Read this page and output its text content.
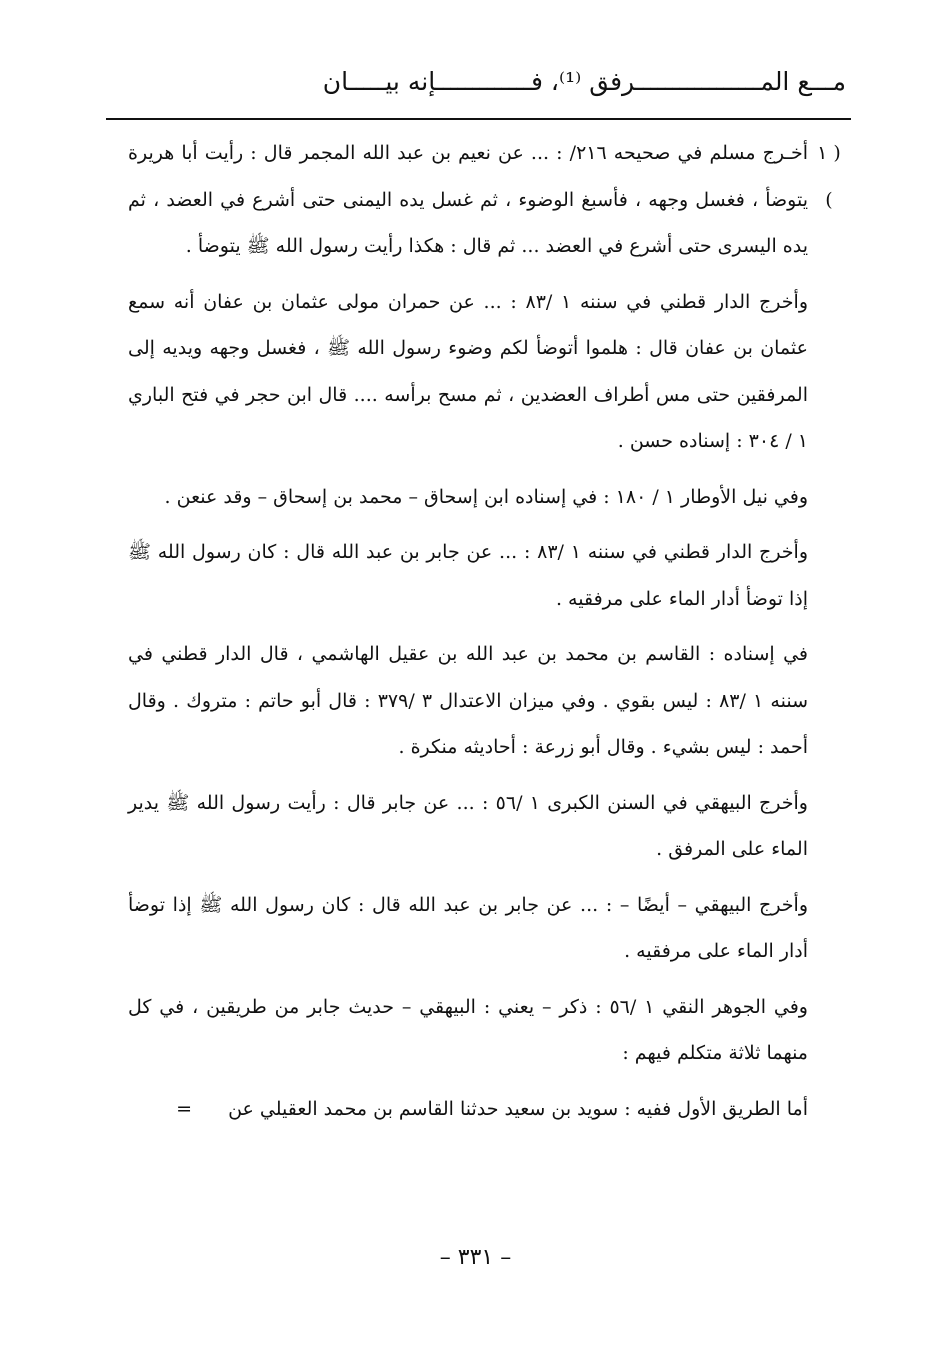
مـــع المـــــــــــــــــرفق ⁽¹⁾، فـــــــــــــإنه بيـــــان
( ١ )

أخـرج مسلم في صحيحه ٢١٦/ : ... عن نعيم بن عبد الله المجمر قال : رأيت أبا هريرة يتوضأ ، فغسل وجهه ، فأسبغ الوضوء ، ثم غسل يده اليمنى حتى أشرع في العضد ، ثم يده اليسرى حتى أشرع في العضد ... ثم قال : هكذا رأيت رسول الله ﷺ يتوضأ .

وأخرج الدار قطني في سننه ١ /٨٣ : ... عن حمران مولى عثمان بن عفان أنه سمع عثمان بن عفان قال : هلموا أتوضأ لكم وضوء رسول الله ﷺ ، فغسل وجهه ويديه إلى المرفقين حتى مس أطراف العضدين ، ثم مسح برأسه .... قال ابن حجر في فتح الباري ١ / ٣٠٤ : إسناده حسن .

وفي نيل الأوطار ١ / ١٨٠ : في إسناده ابن إسحاق – محمد بن إسحاق – وقد عنعن .

وأخرج الدار قطني في سننه ١ /٨٣ : ... عن جابر بن عبد الله قال : كان رسول الله ﷺ إذا توضأ أدار الماء على مرفقيه .

في إسناده : القاسم بن محمد بن عبد الله بن عقيل الهاشمي ، قال الدار قطني في سننه ١ /٨٣ : ليس بقوي . وفي ميزان الاعتدال ٣ /٣٧٩ : قال أبو حاتم : متروك . وقال أحمد : ليس بشيء . وقال أبو زرعة : أحاديثه منكرة .

وأخرج البيهقي في السنن الكبرى ١ /٥٦ : ... عن جابر قال : رأيت رسول الله ﷺ يدير الماء على المرفق .

وأخرج البيهقي – أيضًا – : ... عن جابر بن عبد الله قال : كان رسول الله ﷺ إذا توضأ أدار الماء على مرفقيه .

وفي الجوهر النقي ١ /٥٦ : ذكر – يعني : البيهقي – حديث جابر من طريقين ، في كل منهما ثلاثة متكلم فيهم :

أما الطريق الأول ففيه : سويد بن سعيد حدثنا القاسم بن محمد العقيلي عن =

– ٣٣١ –
